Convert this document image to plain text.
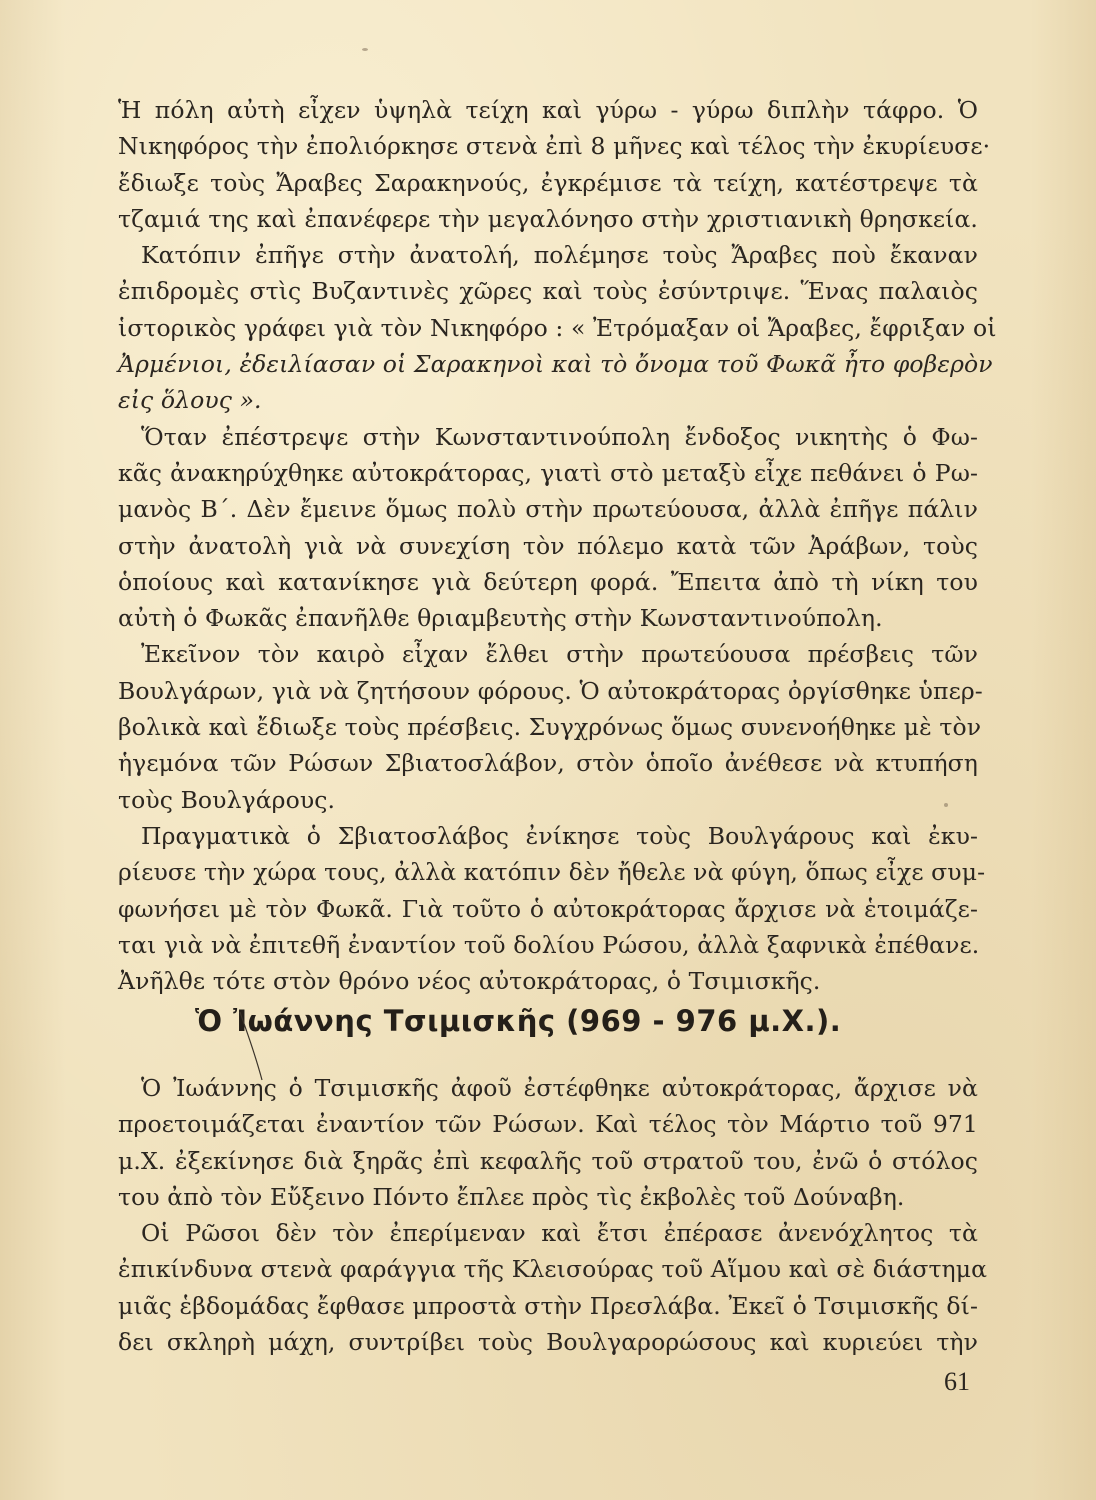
Ἡ πόλη αὐτὴ εἶχεν ὑψηλὰ τείχη καὶ γύρω - γύρω διπλὴν τάφρο. Ὁ
Νικηφόρος τὴν ἐπολιόρκησε στενὰ ἐπὶ 8 μῆνες καὶ τέλος τὴν ἐκυρίευσε·
ἔδιωξε τοὺς Ἄραβες Σαρακηνούς, ἐγκρέμισε τὰ τείχη, κατέστρεψε τὰ
τζαμιά της καὶ ἐπανέφερε τὴν μεγαλόνησο στὴν χριστιανικὴ θρησκεία.
Κατόπιν ἐπῆγε στὴν ἀνατολή, πολέμησε τοὺς Ἄραβες ποὺ ἔκαναν
ἐπιδρομὲς στὶς Βυζαντινὲς χῶρες καὶ τοὺς ἐσύντριψε. Ἕνας παλαιὸς
ἱστορικὸς γράφει γιὰ τὸν Νικηφόρο : « Ἐτρόμαξαν οἱ Ἄραβες, ἔφριξαν οἱ
Ἀρμένιοι, ἐδειλίασαν οἱ Σαρακηνοὶ καὶ τὸ ὄνομα τοῦ Φωκᾶ ἦτο φοβερὸν
εἰς ὅλους ».
Ὅταν ἐπέστρεψε στὴν Κωνσταντινούπολη ἔνδοξος νικητὴς ὁ Φω-
κᾶς ἀνακηρύχθηκε αὐτοκράτορας, γιατὶ στὸ μεταξὺ εἶχε πεθάνει ὁ Ρω-
μανὸς Β΄. Δὲν ἔμεινε ὅμως πολὺ στὴν πρωτεύουσα, ἀλλὰ ἐπῆγε πάλιν
στὴν ἀνατολὴ γιὰ νὰ συνεχίση τὸν πόλεμο κατὰ τῶν Ἀράβων, τοὺς
ὁποίους καὶ κατανίκησε γιὰ δεύτερη φορά. Ἔπειτα ἀπὸ τὴ νίκη του
αὐτὴ ὁ Φωκᾶς ἐπανῆλθε θριαμβευτὴς στὴν Κωνσταντινούπολη.
Ἐκεῖνον τὸν καιρὸ εἶχαν ἔλθει στὴν πρωτεύουσα πρέσβεις τῶν
Βουλγάρων, γιὰ νὰ ζητήσουν φόρους. Ὁ αὐτοκράτορας ὀργίσθηκε ὑπερ-
βολικὰ καὶ ἔδιωξε τοὺς πρέσβεις. Συγχρόνως ὅμως συνενοήθηκε μὲ τὸν
ἡγεμόνα τῶν Ρώσων Σβιατοσλάβον, στὸν ὁποῖο ἀνέθεσε νὰ κτυπήση
τοὺς Βουλγάρους.
Πραγματικὰ ὁ Σβιατοσλάβος ἐνίκησε τοὺς Βουλγάρους καὶ ἐκυ-
ρίευσε τὴν χώρα τους, ἀλλὰ κατόπιν δὲν ἤθελε νὰ φύγη, ὅπως εἶχε συμ-
φωνήσει μὲ τὸν Φωκᾶ. Γιὰ τοῦτο ὁ αὐτοκράτορας ἄρχισε νὰ ἑτοιμάζε-
ται γιὰ νὰ ἐπιτεθῆ ἐναντίον τοῦ δολίου Ρώσου, ἀλλὰ ξαφνικὰ ἐπέθανε.
Ἀνῆλθε τότε στὸν θρόνο νέος αὐτοκράτορας, ὁ Τσιμισκῆς.
Ὁ Ἰωάννης Τσιμισκῆς (969 - 976 μ.Χ.).
Ὁ Ἰωάννης ὁ Τσιμισκῆς ἀφοῦ ἐστέφθηκε αὐτοκράτορας, ἄρχισε νὰ
προετοιμάζεται ἐναντίον τῶν Ρώσων. Καὶ τέλος τὸν Μάρτιο τοῦ 971
μ.Χ. ἐξεκίνησε διὰ ξηρᾶς ἐπὶ κεφαλῆς τοῦ στρατοῦ του, ἐνῶ ὁ στόλος
του ἀπὸ τὸν Εὔξεινο Πόντο ἔπλεε πρὸς τὶς ἐκβολὲς τοῦ Δούναβη.
Οἱ Ρῶσοι δὲν τὸν ἐπερίμεναν καὶ ἔτσι ἐπέρασε ἀνενόχλητος τὰ
ἐπικίνδυνα στενὰ φαράγγια τῆς Κλεισούρας τοῦ Αἵμου καὶ σὲ διάστημα
μιᾶς ἑβδομάδας ἔφθασε μπροστὰ στὴν Πρεσλάβα. Ἐκεῖ ὁ Τσιμισκῆς δί-
δει σκληρὴ μάχη, συντρίβει τοὺς Βουλγαρορώσους καὶ κυριεύει τὴν
61
